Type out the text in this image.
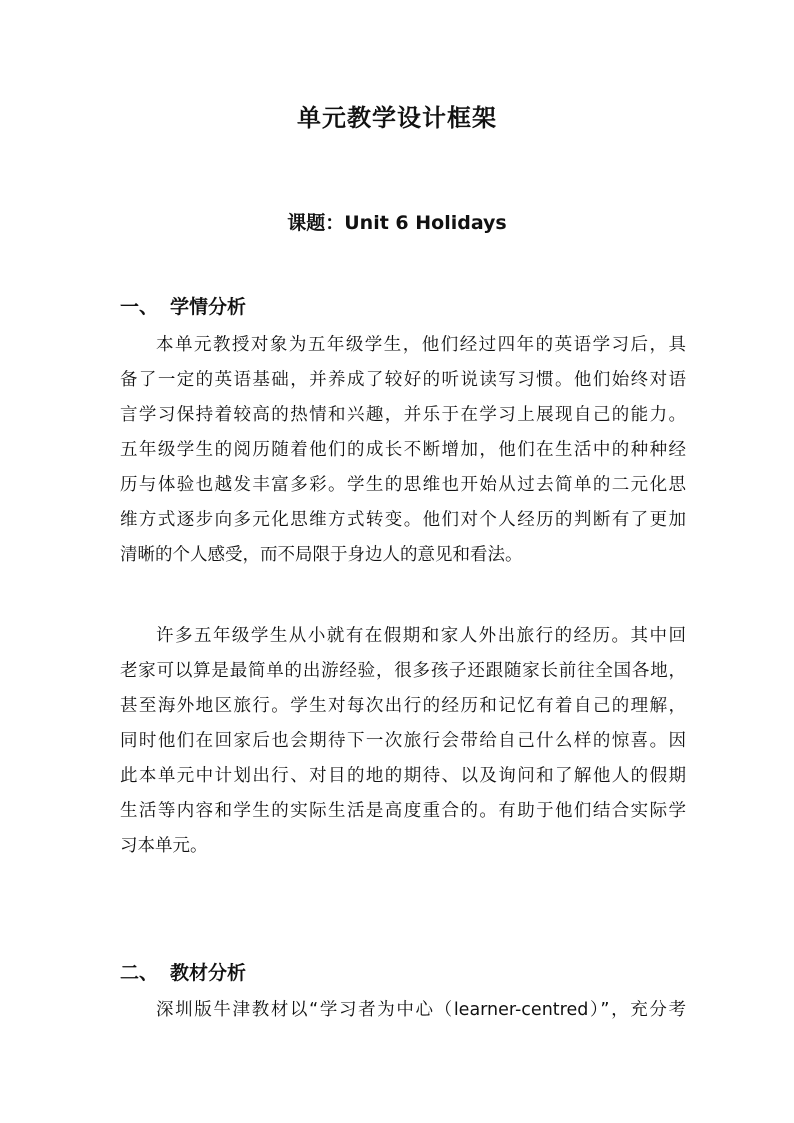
单元教学设计框架
课题：Unit 6 Holidays
一、 学情分析

本单元教授对象为五年级学生，他们经过四年的英语学习后，具
备了一定的英语基础，并养成了较好的听说读写习惯。他们始终对语
言学习保持着较高的热情和兴趣，并乐于在学习上展现自己的能力。
五年级学生的阅历随着他们的成长不断增加，他们在生活中的种种经
历与体验也越发丰富多彩。学生的思维也开始从过去简单的二元化思
维方式逐步向多元化思维方式转变。他们对个人经历的判断有了更加
清晰的个人感受，而不局限于身边人的意见和看法。

许多五年级学生从小就有在假期和家人外出旅行的经历。其中回
老家可以算是最简单的出游经验，很多孩子还跟随家长前往全国各地，
甚至海外地区旅行。学生对每次出行的经历和记忆有着自己的理解，
同时他们在回家后也会期待下一次旅行会带给自己什么样的惊喜。因
此本单元中计划出行、对目的地的期待、以及询问和了解他人的假期
生活等内容和学生的实际生活是高度重合的。有助于他们结合实际学
习本单元。

二、 教材分析

深圳版牛津教材以“学习者为中心（learner-centred）”，充分考
